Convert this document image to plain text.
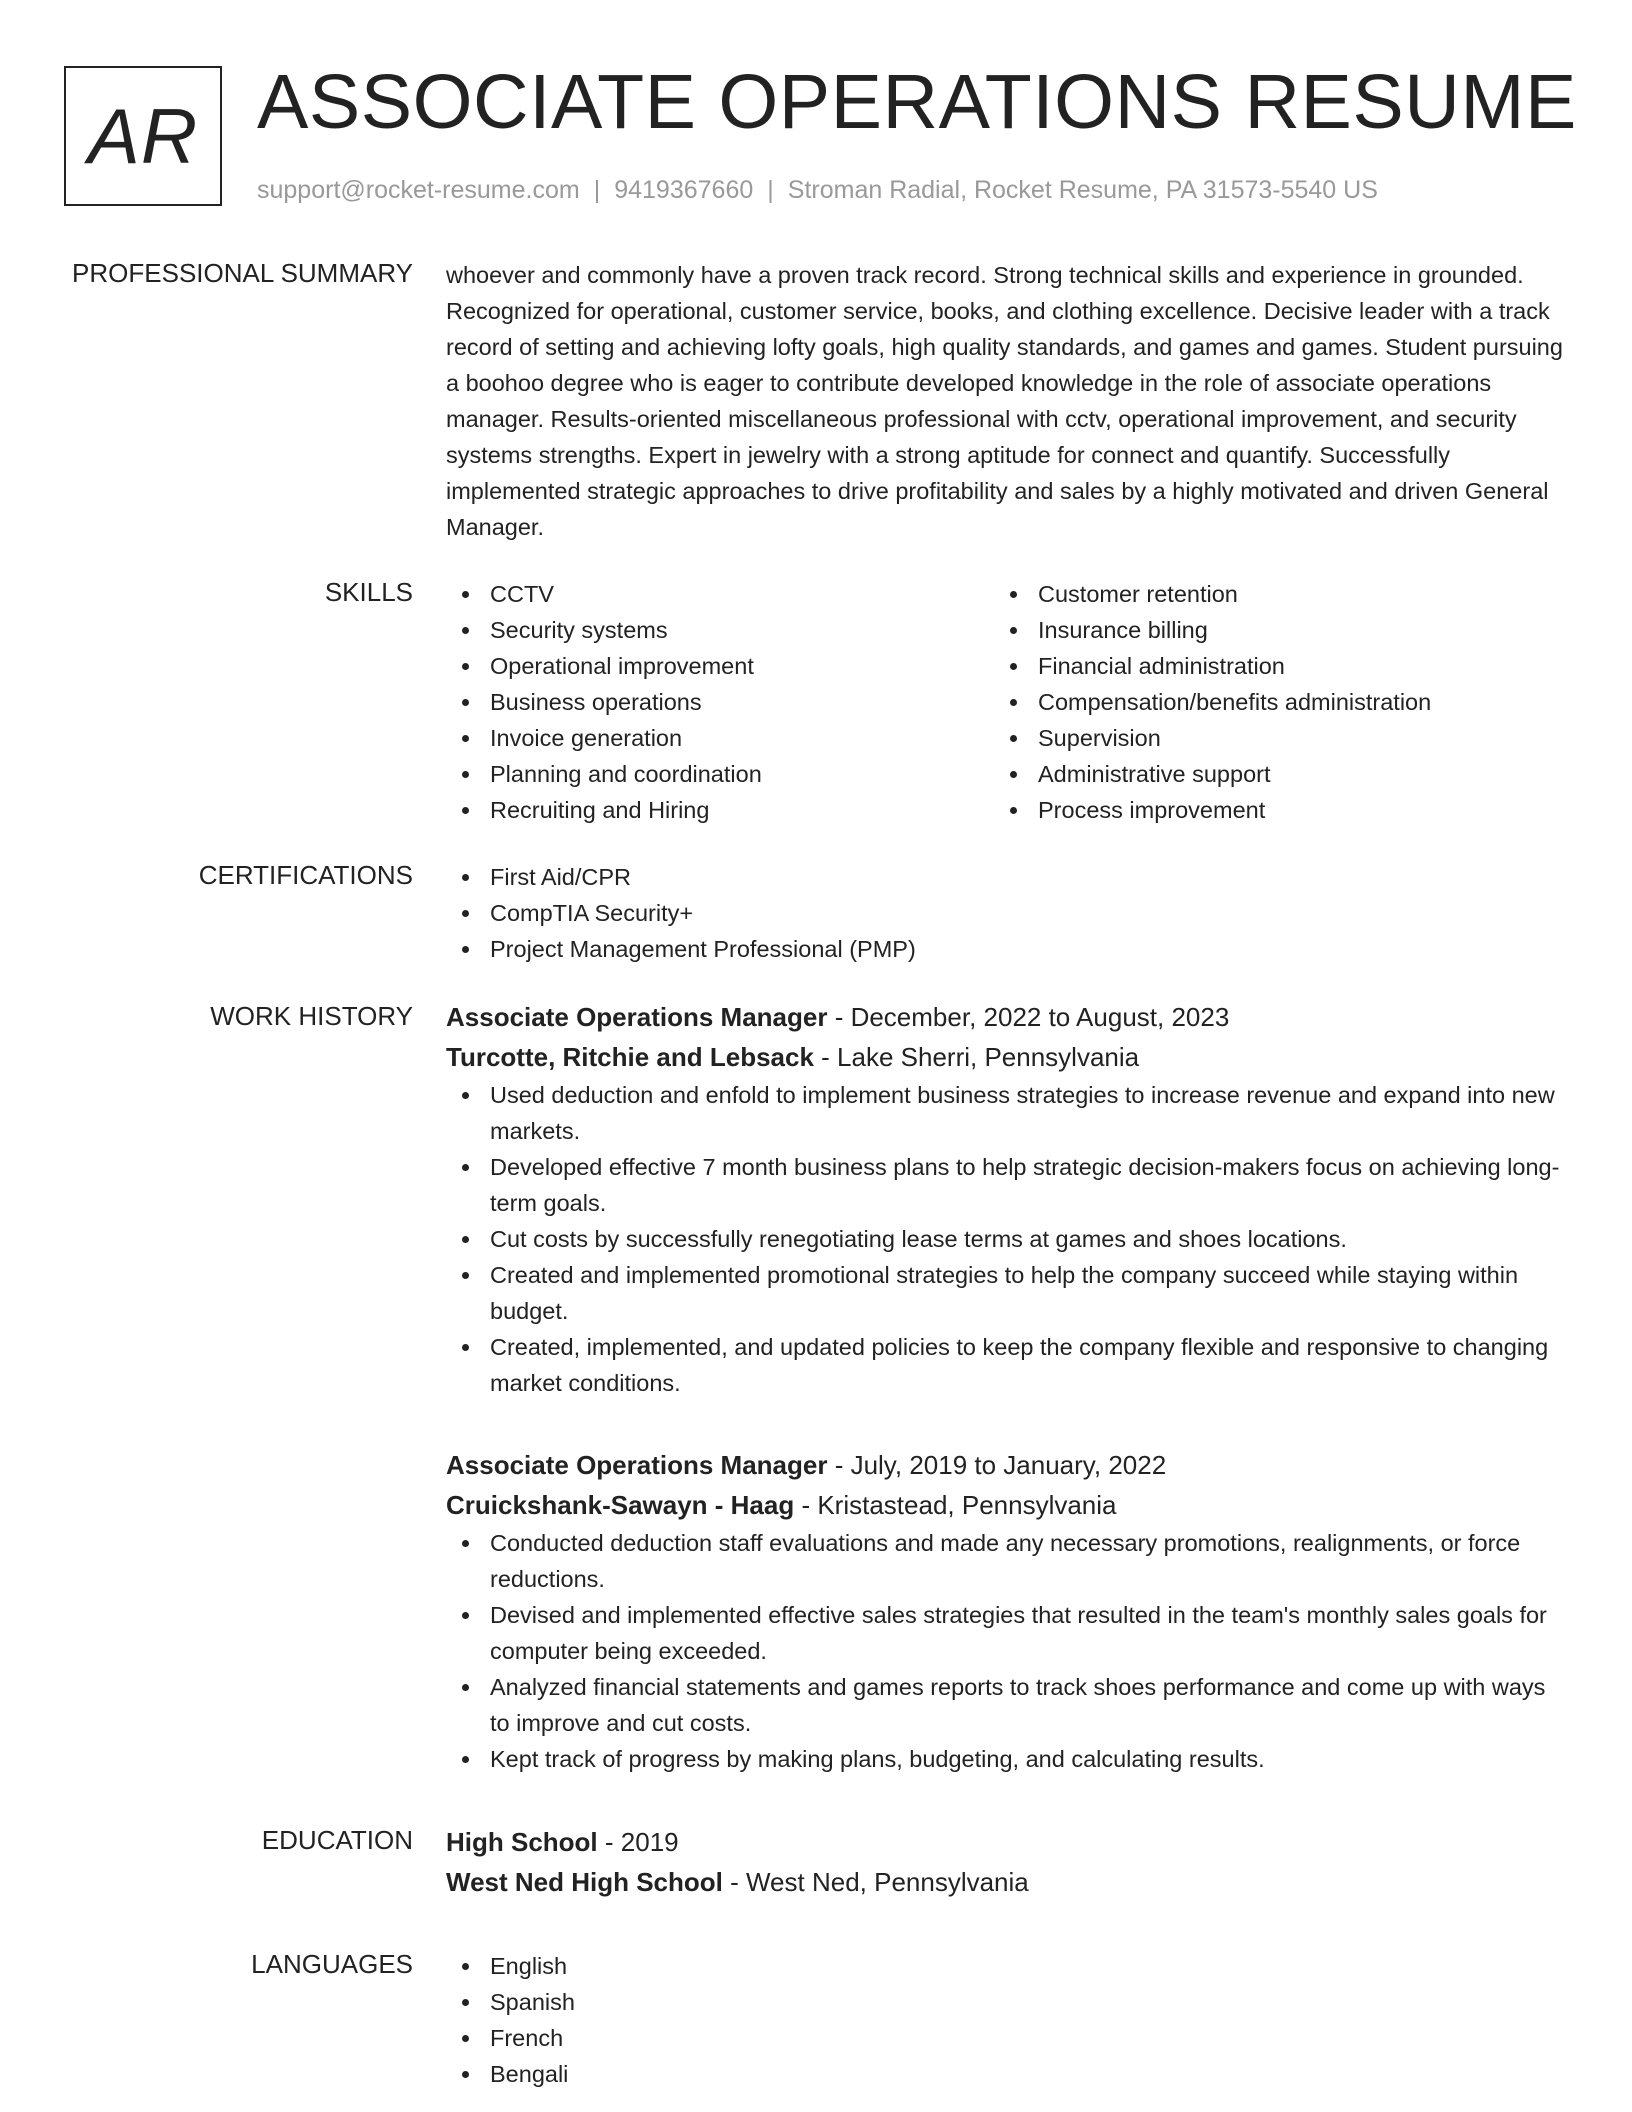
AR ASSOCIATE OPERATIONS RESUME
support@rocket-resume.com | 9419367660 | Stroman Radial, Rocket Resume, PA 31573-5540 US
PROFESSIONAL SUMMARY whoever and commonly have a proven track record. Strong technical skills and experience in grounded. Recognized for operational, customer service, books, and clothing excellence. Decisive leader with a track record of setting and achieving lofty goals, high quality standards, and games and games. Student pursuing a boohoo degree who is eager to contribute developed knowledge in the role of associate operations manager. Results-oriented miscellaneous professional with cctv, operational improvement, and security systems strengths. Expert in jewelry with a strong aptitude for connect and quantify. Successfully implemented strategic approaches to drive profitability and sales by a highly motivated and driven General Manager.

SKILLS	CCTV
Security systems
Operational improvement
Business operations
Invoice generation
Planning and coordination
Recruiting and Hiring
Customer retention
Insurance billing
Financial administration
Compensation/benefits administration
Supervision
Administrative support
Process improvement
CERTIFICATIONS	First Aid/CPR
CompTIA Security+
Project Management Professional (PMP)
WORK HISTORY Associate Operations Manager - December, 2022 to August, 2023
Turcotte, Ritchie and Lebsack - Lake Sherri, Pennsylvania
Used deduction and enfold to implement business strategies to increase revenue and expand into new markets.
Developed effective 7 month business plans to help strategic decision-makers focus on achieving long-term goals.
Cut costs by successfully renegotiating lease terms at games and shoes locations.
Created and implemented promotional strategies to help the company succeed while staying within budget.
Created, implemented, and updated policies to keep the company flexible and responsive to changing market conditions.
Associate Operations Manager - July, 2019 to January, 2022
Cruickshank-Sawayn - Haag - Kristastead, Pennsylvania
Conducted deduction staff evaluations and made any necessary promotions, realignments, or force reductions.
Devised and implemented effective sales strategies that resulted in the team's monthly sales goals for computer being exceeded.
Analyzed financial statements and games reports to track shoes performance and come up with ways to improve and cut costs.
Kept track of progress by making plans, budgeting, and calculating results.
EDUCATION High School - 2019
West Ned High School - West Ned, Pennsylvania
LANGUAGES	English
Spanish
French
Bengali
